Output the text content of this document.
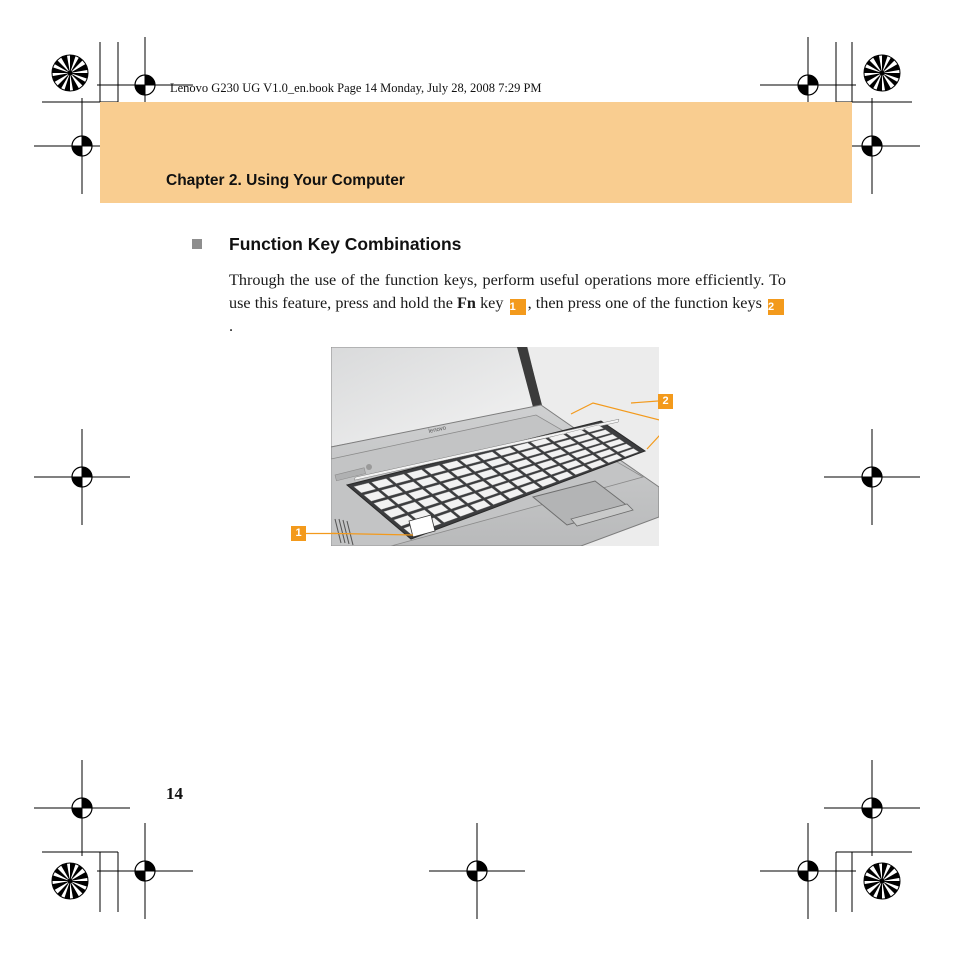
Lenovo G230 UG V1.0_en.book Page 14 Monday, July 28, 2008 7:29 PM
Chapter 2. Using Your Computer
Function Key Combinations
Through the use of the function keys, perform useful operations more efficiently. To use this feature, press and hold the Fn key 1 , then press one of the function keys 2.
lenovo
2
1
14
